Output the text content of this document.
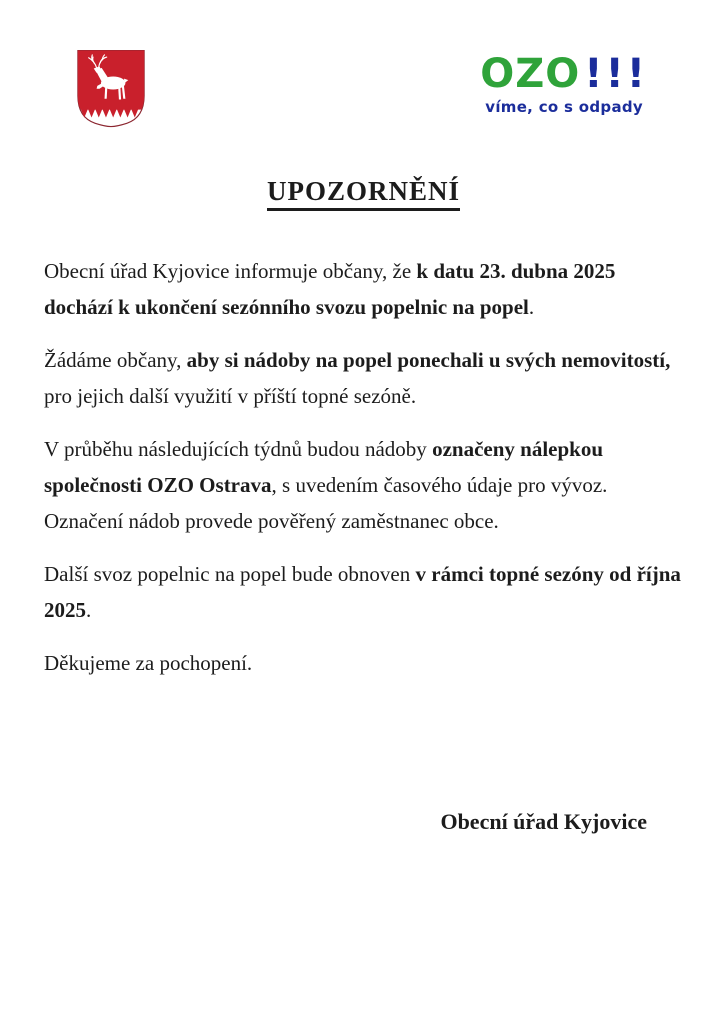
OZO !!!
víme, co s odpady
UPOZORNĚNÍ

Obecní úřad Kyjovice informuje občany, že k datu 23. dubna 2025 dochází k ukončení sezónního svozu popelnic na popel.

Žádáme občany, aby si nádoby na popel ponechali u svých nemovitostí, pro jejich další využití v příští topné sezóně.

V průběhu následujících týdnů budou nádoby označeny nálepkou společnosti OZO Ostrava, s uvedením časového údaje pro vývoz. Označení nádob provede pověřený zaměstnanec obce.

Další svoz popelnic na popel bude obnoven v rámci topné sezóny od října 2025.

Děkujeme za pochopení.

Obecní úřad Kyjovice
